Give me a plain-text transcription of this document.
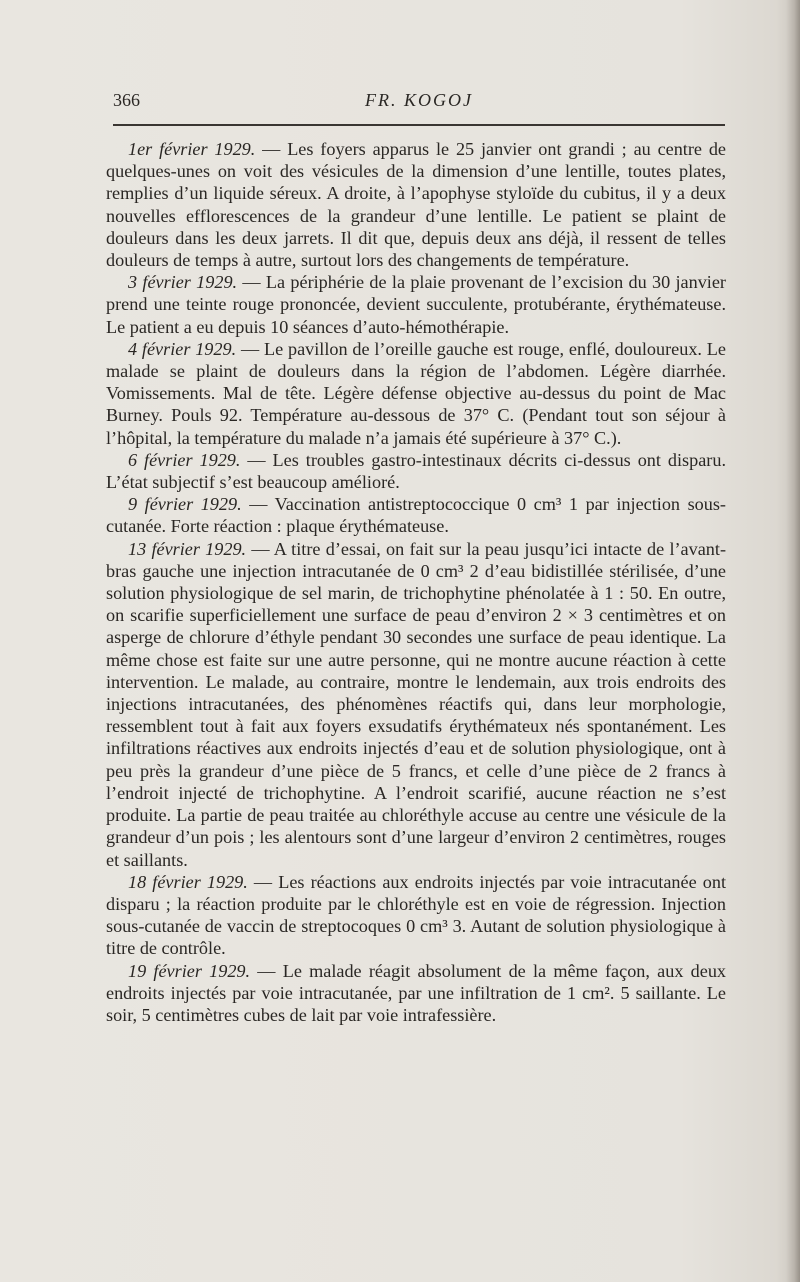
366	FR. KOGOJ

1er février 1929. — Les foyers apparus le 25 janvier ont grandi ; au centre de quelques-unes on voit des vésicules de la dimension d’une lentille, toutes plates, remplies d’un liquide séreux. A droite, à l’apophyse styloïde du cubitus, il y a deux nouvelles efflorescences de la grandeur d’une lentille. Le patient se plaint de douleurs dans les deux jarrets. Il dit que, depuis deux ans déjà, il ressent de telles douleurs de temps à autre, surtout lors des changements de température.

3 février 1929. — La périphérie de la plaie provenant de l’excision du 30 janvier prend une teinte rouge prononcée, devient succulente, protubérante, érythémateuse. Le patient a eu depuis 10 séances d’auto-hémothérapie.

4 février 1929. — Le pavillon de l’oreille gauche est rouge, enflé, douloureux. Le malade se plaint de douleurs dans la région de l’abdomen. Légère diarrhée. Vomissements. Mal de tête. Légère défense objective au-dessus du point de Mac Burney. Pouls 92. Température au-dessous de 37° C. (Pendant tout son séjour à l’hôpital, la température du malade n’a jamais été supérieure à 37° C.).

6 février 1929. — Les troubles gastro-intestinaux décrits ci-dessus ont disparu. L’état subjectif s’est beaucoup amélioré.

9 février 1929. — Vaccination antistreptococcique 0 cm³ 1 par injection sous-cutanée. Forte réaction : plaque érythémateuse.

13 février 1929. — A titre d’essai, on fait sur la peau jusqu’ici intacte de l’avant-bras gauche une injection intracutanée de 0 cm³ 2 d’eau bidistillée stérilisée, d’une solution physiologique de sel marin, de trichophytine phénolatée à 1 : 50. En outre, on scarifie superficiellement une surface de peau d’environ 2 × 3 centimètres et on asperge de chlorure d’éthyle pendant 30 secondes une surface de peau identique. La même chose est faite sur une autre personne, qui ne montre aucune réaction à cette intervention. Le malade, au contraire, montre le lendemain, aux trois endroits des injections intracutanées, des phénomènes réactifs qui, dans leur morphologie, ressemblent tout à fait aux foyers exsudatifs érythémateux nés spontanément. Les infiltrations réactives aux endroits injectés d’eau et de solution physiologique, ont à peu près la grandeur d’une pièce de 5 francs, et celle d’une pièce de 2 francs à l’endroit injecté de trichophytine. A l’endroit scarifié, aucune réaction ne s’est produite. La partie de peau traitée au chloréthyle accuse au centre une vésicule de la grandeur d’un pois ; les alentours sont d’une largeur d’environ 2 centimètres, rouges et saillants.

18 février 1929. — Les réactions aux endroits injectés par voie intracutanée ont disparu ; la réaction produite par le chloréthyle est en voie de régression. Injection sous-cutanée de vaccin de streptocoques 0 cm³ 3. Autant de solution physiologique à titre de contrôle.

19 février 1929. — Le malade réagit absolument de la même façon, aux deux endroits injectés par voie intracutanée, par une infiltration de 1 cm². 5 saillante. Le soir, 5 centimètres cubes de lait par voie intrafessière.
